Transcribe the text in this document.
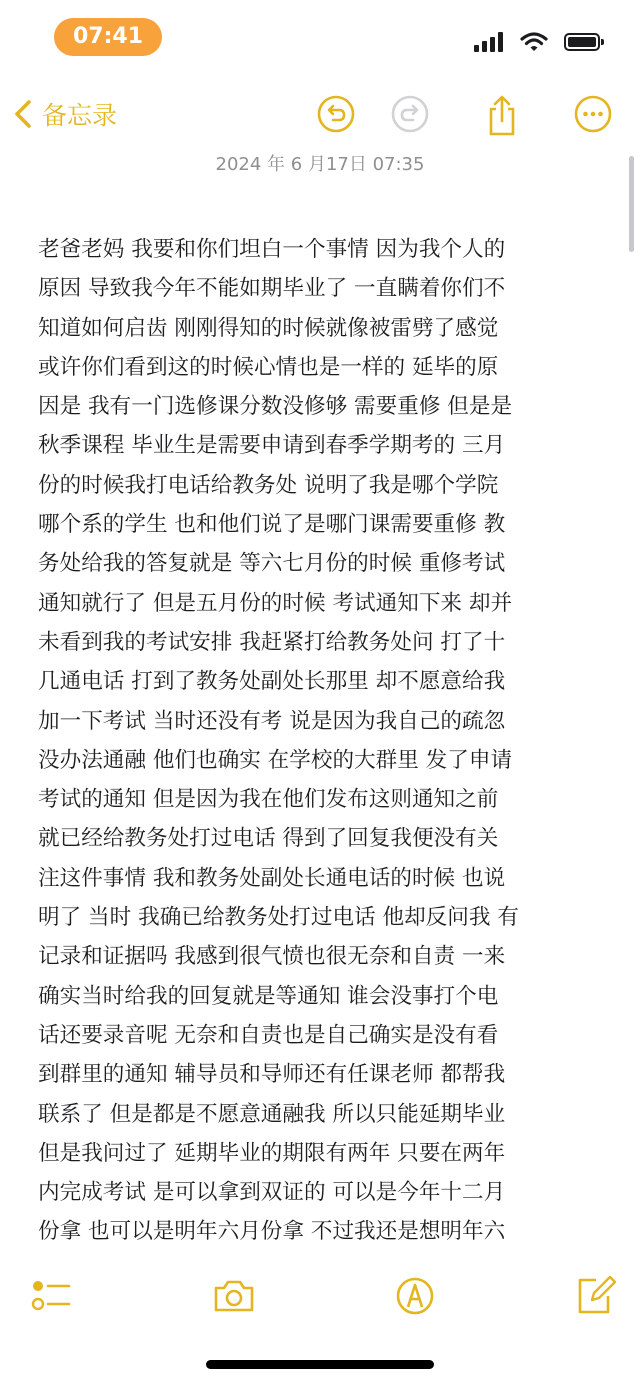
07:41
备忘录
2024 年 6 月17日 07:35
老爸老妈 我要和你们坦白一个事情 因为我个人的
原因 导致我今年不能如期毕业了 一直瞒着你们不
知道如何启齿 刚刚得知的时候就像被雷劈了感觉
或许你们看到这的时候心情也是一样的 延毕的原
因是 我有一门选修课分数没修够 需要重修 但是是
秋季课程 毕业生是需要申请到春季学期考的 三月
份的时候我打电话给教务处 说明了我是哪个学院
哪个系的学生 也和他们说了是哪门课需要重修 教
务处给我的答复就是 等六七月份的时候 重修考试
通知就行了 但是五月份的时候 考试通知下来 却并
未看到我的考试安排 我赶紧打给教务处问 打了十
几通电话 打到了教务处副处长那里 却不愿意给我
加一下考试 当时还没有考 说是因为我自己的疏忽
没办法通融 他们也确实 在学校的大群里 发了申请
考试的通知 但是因为我在他们发布这则通知之前
就已经给教务处打过电话 得到了回复我便没有关
注这件事情 我和教务处副处长通电话的时候 也说
明了 当时 我确已给教务处打过电话 他却反问我 有
记录和证据吗 我感到很气愤也很无奈和自责 一来
确实当时给我的回复就是等通知 谁会没事打个电
话还要录音呢 无奈和自责也是自己确实是没有看
到群里的通知 辅导员和导师还有任课老师 都帮我
联系了 但是都是不愿意通融我 所以只能延期毕业
但是我问过了 延期毕业的期限有两年 只要在两年
内完成考试 是可以拿到双证的 可以是今年十二月
份拿 也可以是明年六月份拿 不过我还是想明年六
